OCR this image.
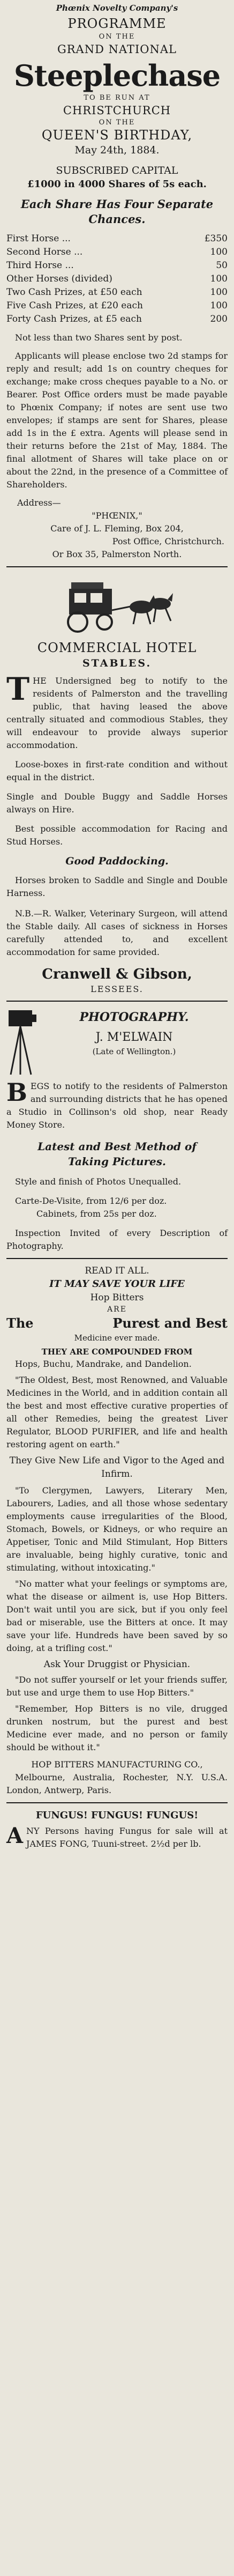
Phœnix Novelty Company's
PROGRAMME
ON THE
GRAND NATIONAL
Steeplechase
TO BE RUN AT
CHRISTCHURCH
ON THE
QUEEN'S BIRTHDAY,
May 24th, 1884.
SUBSCRIBED CAPITAL
£1000 in 4000 Shares of 5s each.
Each Share Has Four Separate
Chances.
First Horse ...	£350
Second Horse ...	100
Third Horse ...	50
Other Horses (divided)	100
Two Cash Prizes, at £50 each	100
Five Cash Prizes, at £20 each	100
Forty Cash Prizes, at £5 each	200

Not less than two Shares sent by post.

Applicants will please enclose two 2d stamps for reply and result; add 1s on country cheques for exchange; make cross cheques payable to a No. or Bearer. Post Office orders must be made payable to Phœnix Company; if notes are sent use two envelopes; if stamps are sent for Shares, please add 1s in the £ extra. Agents will please send in their returns before the 21st of May, 1884. The final allotment of Shares will take place on or about the 22nd, in the presence of a Committee of Shareholders.

Address—
"PHŒNIX,"
Care of J. L. Fleming, Box 204,
Post Office, Christchurch.
Or Box 35, Palmerston North.
COMMERCIAL HOTEL
STABLES.
T HE Undersigned beg to notify to the residents of Palmerston and the travelling public, that having leased the above centrally situated and commodious Stables, they will endeavour to provide always superior accommodation.

Loose-boxes in first-rate condition and without equal in the district.

Single and Double Buggy and Saddle Horses always on Hire.

Best possible accommodation for Racing and Stud Horses.

Good Paddocking.

Horses broken to Saddle and Single and Double Harness.

N.B.—R. Walker, Veterinary Surgeon, will attend the Stable daily. All cases of sickness in Horses carefully attended to, and excellent accommodation for same provided.

Cranwell & Gibson,
LESSEES.
PHOTOGRAPHY.
J. M'ELWAIN
(Late of Wellington.)
B EGS to notify to the residents of Palmerston and surrounding districts that he has opened a Studio in Collinson's old shop, near Ready Money Store.

Latest and Best Method of
Taking Pictures.

Style and finish of Photos Unequalled.

Carte-De-Visite, from 12/6 per doz.

Cabinets, from 25s per doz.

Inspection Invited of every Description of Photography.

READ IT ALL.
IT MAY SAVE YOUR LIFE
Hop Bitters
ARE
The	Purest and Best
Medicine ever made.
THEY ARE COMPOUNDED FROM

Hops, Buchu, Mandrake, and Dandelion.

"The Oldest, Best, most Renowned, and Valuable Medicines in the World, and in addition contain all the best and most effective curative properties of all other Remedies, being the greatest Liver Regulator, BLOOD PURIFIER, and life and health restoring agent on earth."

They Give New Life and Vigor to the Aged and Infirm.

"To Clergymen, Lawyers, Literary Men, Labourers, Ladies, and all those whose sedentary employments cause irregularities of the Blood, Stomach, Bowels, or Kidneys, or who require an Appetiser, Tonic and Mild Stimulant, Hop Bitters are invaluable, being highly curative, tonic and stimulating, without intoxicating."

"No matter what your feelings or symptoms are, what the disease or ailment is, use Hop Bitters. Don't wait until you are sick, but if you only feel bad or miserable, use the Bitters at once. It may save your life. Hundreds have been saved by so doing, at a trifling cost."

Ask Your Druggist or Physician.

"Do not suffer yourself or let your friends suffer, but use and urge them to use Hop Bitters."

"Remember, Hop Bitters is no vile, drugged drunken nostrum, but the purest and best Medicine ever made, and no person or family should be without it."

HOP BITTERS MANUFACTURING CO.,

Melbourne, Australia, Rochester, N.Y. U.S.A. London, Antwerp, Paris.

FUNGUS! FUNGUS! FUNGUS!
A NY Persons having Fungus for sale will at JAMES FONG, Tuuni-street. 2½d per lb.
